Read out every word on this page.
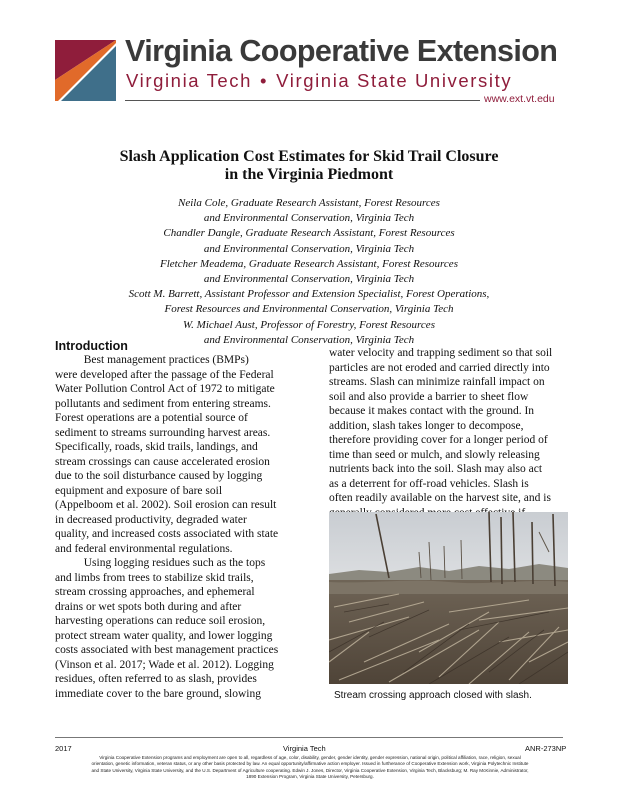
Virginia Cooperative Extension
Virginia Tech • Virginia State University
www.ext.vt.edu
Slash Application Cost Estimates for Skid Trail Closure
in the Virginia Piedmont
Neila Cole, Graduate Research Assistant, Forest Resources
and Environmental Conservation, Virginia Tech
Chandler Dangle, Graduate Research Assistant, Forest Resources
and Environmental Conservation, Virginia Tech
Fletcher Meadema, Graduate Research Assistant, Forest Resources
and Environmental Conservation, Virginia Tech
Scott M. Barrett, Assistant Professor and Extension Specialist, Forest Operations,
Forest Resources and Environmental Conservation, Virginia Tech
W. Michael Aust, Professor of Forestry, Forest Resources
and Environmental Conservation, Virginia Tech
Introduction
Best management practices (BMPs)
were developed after the passage of the Federal
Water Pollution Control Act of 1972 to mitigate
pollutants and sediment from entering streams.
Forest operations are a potential source of
sediment to streams surrounding harvest areas.
Specifically, roads, skid trails, landings, and
stream crossings can cause accelerated erosion
due to the soil disturbance caused by logging
equipment and exposure of bare soil
(Appelboom et al. 2002). Soil erosion can result
in decreased productivity, degraded water
quality, and increased costs associated with state
and federal environmental regulations.
Using logging residues such as the tops
and limbs from trees to stabilize skid trails,
stream crossing approaches, and ephemeral
drains or wet spots both during and after
harvesting operations can reduce soil erosion,
protect stream water quality, and lower logging
costs associated with best management practices
(Vinson et al. 2017; Wade et al. 2012). Logging
residues, often referred to as slash, provides
immediate cover to the bare ground, slowing
water velocity and trapping sediment so that soil
particles are not eroded and carried directly into
streams. Slash can minimize rainfall impact on
soil and also provide a barrier to sheet flow
because it makes contact with the ground. In
addition, slash takes longer to decompose,
therefore providing cover for a longer period of
time than seed or mulch, and slowly releasing
nutrients back into the soil. Slash may also act
as a deterrent for off-road vehicles. Slash is
often readily available on the harvest site, and is
Stream crossing approach closed with slash.
2017	Virginia Tech	ANR-273NP
Virginia Cooperative Extension programs and employment are open to all, regardless of age, color, disability, gender, gender identity, gender expression, national origin, political affiliation, race, religion, sexual
orientation, genetic information, veteran status, or any other basis protected by law. An equal opportunity/affirmative action employer. Issued in furtherance of Cooperative Extension work, Virginia Polytechnic Institute
and State University, Virginia State University, and the U.S. Department of Agriculture cooperating. Edwin J. Jones, Director, Virginia Cooperative Extension, Virginia Tech, Blacksburg; M. Ray McKinnie, Administrator,
1890 Extension Program, Virginia State University, Petersburg.
